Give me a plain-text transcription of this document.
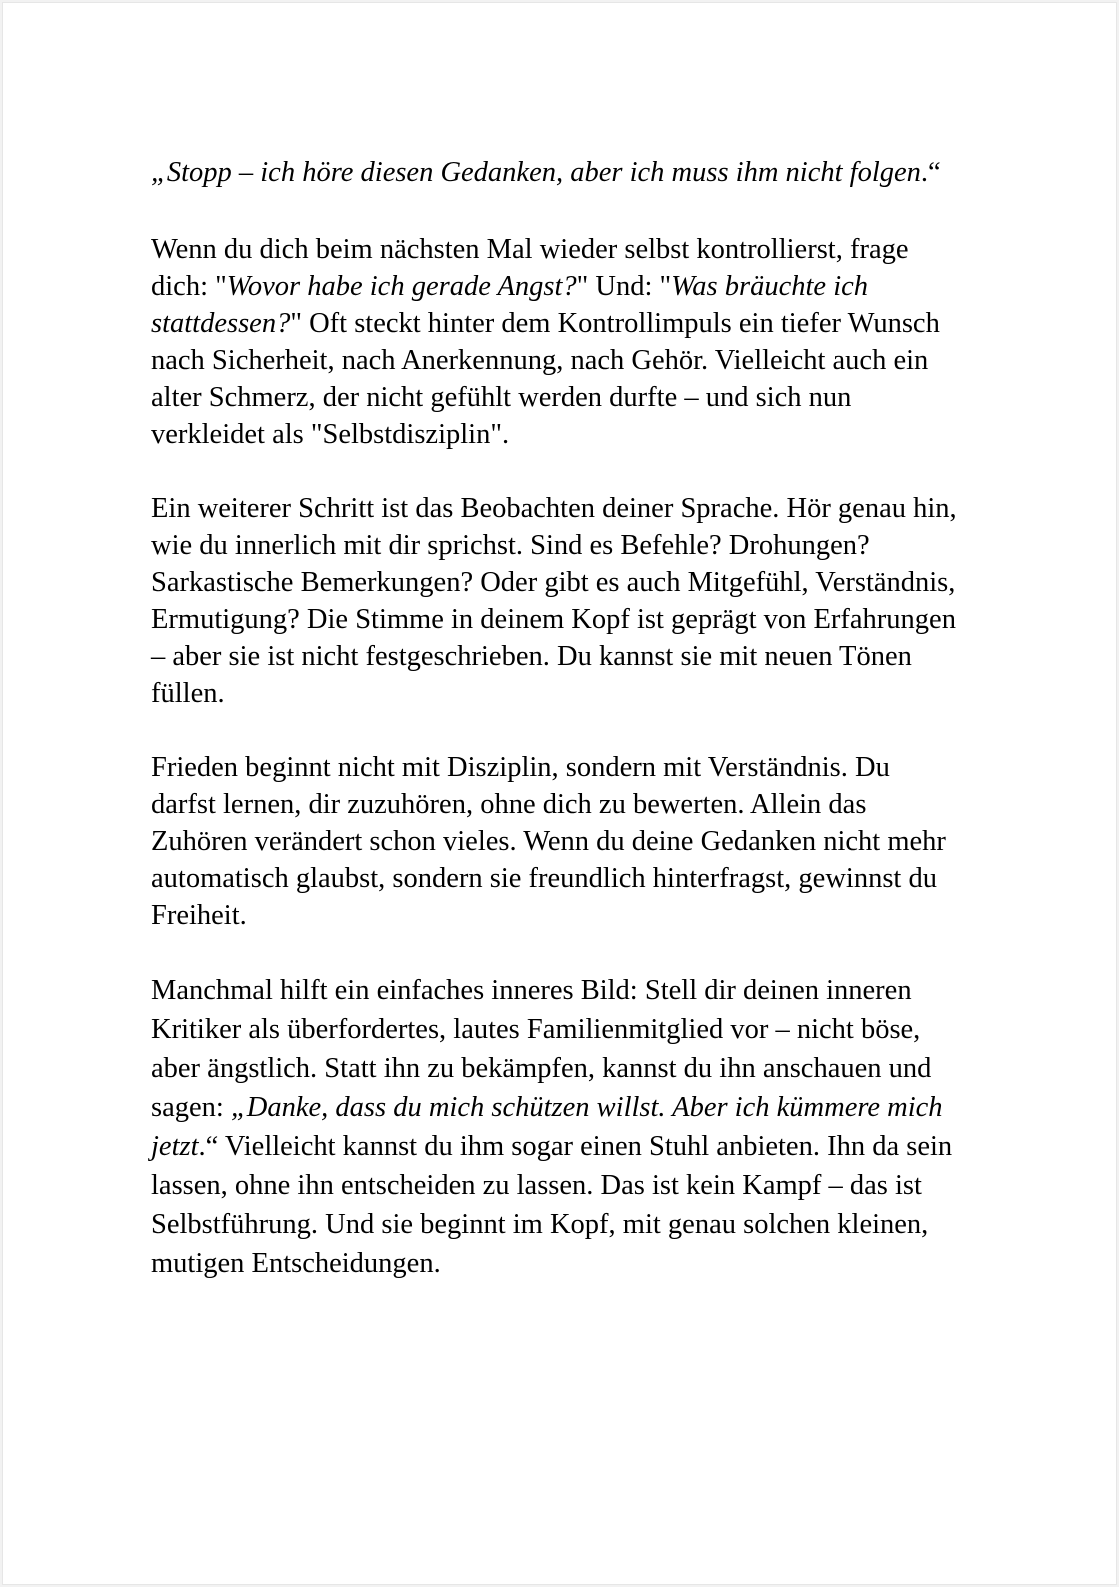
„Stopp – ich höre diesen Gedanken, aber ich muss ihm nicht folgen.“

Wenn du dich beim nächsten Mal wieder selbst kontrollierst, frage dich: "Wovor habe ich gerade Angst?" Und: "Was bräuchte ich stattdessen?" Oft steckt hinter dem Kontrollimpuls ein tiefer Wunsch nach Sicherheit, nach Anerkennung, nach Gehör. Vielleicht auch ein alter Schmerz, der nicht gefühlt werden durfte – und sich nun verkleidet als "Selbstdisziplin".

Ein weiterer Schritt ist das Beobachten deiner Sprache. Hör genau hin, wie du innerlich mit dir sprichst. Sind es Befehle? Drohungen? Sarkastische Bemerkungen? Oder gibt es auch Mitgefühl, Verständnis, Ermutigung? Die Stimme in deinem Kopf ist geprägt von Erfahrungen – aber sie ist nicht festgeschrieben. Du kannst sie mit neuen Tönen füllen.

Frieden beginnt nicht mit Disziplin, sondern mit Verständnis. Du darfst lernen, dir zuzuhören, ohne dich zu bewerten. Allein das Zuhören verändert schon vieles. Wenn du deine Gedanken nicht mehr automatisch glaubst, sondern sie freundlich hinterfragst, gewinnst du Freiheit.

Manchmal hilft ein einfaches inneres Bild: Stell dir deinen inneren Kritiker als überfordertes, lautes Familienmitglied vor – nicht böse, aber ängstlich. Statt ihn zu bekämpfen, kannst du ihn anschauen und sagen: „Danke, dass du mich schützen willst. Aber ich kümmere mich jetzt.“ Vielleicht kannst du ihm sogar einen Stuhl anbieten. Ihn da sein lassen, ohne ihn entscheiden zu lassen. Das ist kein Kampf – das ist Selbstführung. Und sie beginnt im Kopf, mit genau solchen kleinen, mutigen Entscheidungen.
